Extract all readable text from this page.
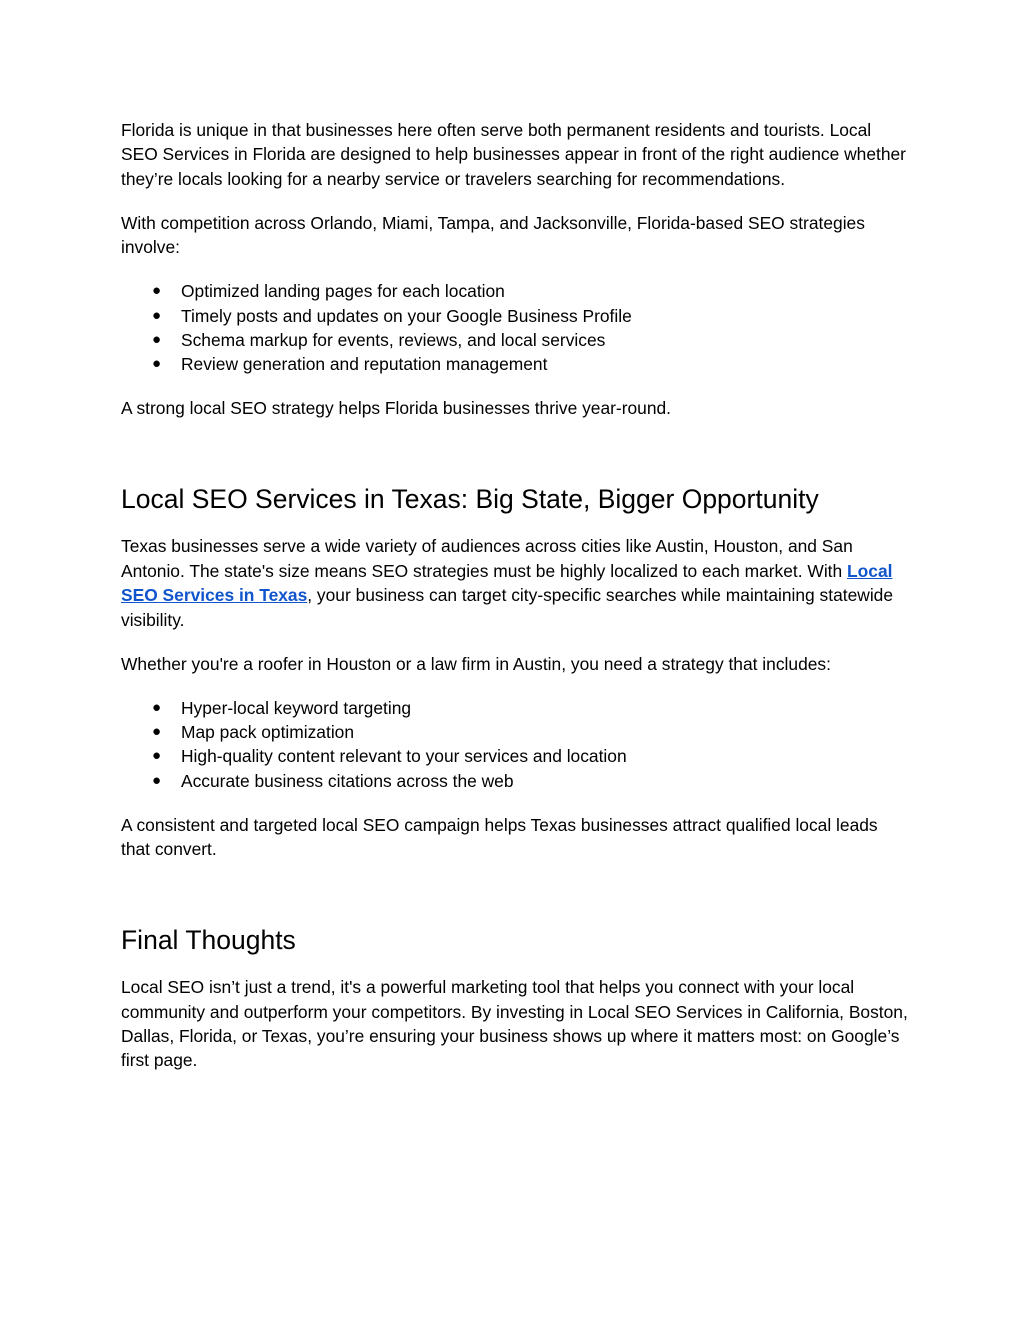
Florida is unique in that businesses here often serve both permanent residents and tourists. Local SEO Services in Florida are designed to help businesses appear in front of the right audience whether they’re locals looking for a nearby service or travelers searching for recommendations.

With competition across Orlando, Miami, Tampa, and Jacksonville, Florida-based SEO strategies involve:

● Optimized landing pages for each location
● Timely posts and updates on your Google Business Profile
● Schema markup for events, reviews, and local services
● Review generation and reputation management

A strong local SEO strategy helps Florida businesses thrive year-round.

Local SEO Services in Texas: Big State, Bigger Opportunity

Texas businesses serve a wide variety of audiences across cities like Austin, Houston, and San Antonio. The state's size means SEO strategies must be highly localized to each market. With Local SEO Services in Texas, your business can target city-specific searches while maintaining statewide visibility.

Whether you're a roofer in Houston or a law firm in Austin, you need a strategy that includes:

● Hyper-local keyword targeting
● Map pack optimization
● High-quality content relevant to your services and location
● Accurate business citations across the web

A consistent and targeted local SEO campaign helps Texas businesses attract qualified local leads that convert.

Final Thoughts

Local SEO isn’t just a trend, it's a powerful marketing tool that helps you connect with your local community and outperform your competitors. By investing in Local SEO Services in California, Boston, Dallas, Florida, or Texas, you’re ensuring your business shows up where it matters most: on Google’s first page.
